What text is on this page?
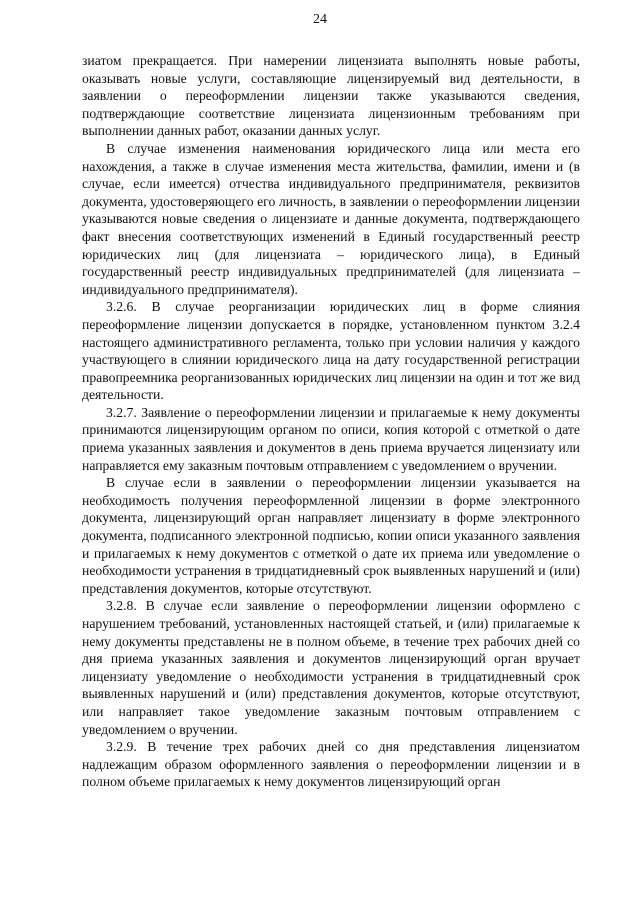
24

зиатом прекращается. При намерении лицензиата выполнять новые работы, оказывать новые услуги, составляющие лицензируемый вид деятельности, в заявлении о переоформлении лицензии также указываются сведения, подтверждающие соответствие лицензиата лицензионным требованиям при выполнении данных работ, оказании данных услуг.

В случае изменения наименования юридического лица или места его нахождения, а также в случае изменения места жительства, фамилии, имени и (в случае, если имеется) отчества индивидуального предпринимателя, реквизитов документа, удостоверяющего его личность, в заявлении о переоформлении лицензии указываются новые сведения о лицензиате и данные документа, подтверждающего факт внесения соответствующих изменений в Единый государственный реестр юридических лиц (для лицензиата – юридического лица), в Единый государственный реестр индивидуальных предпринимателей (для лицензиата – индивидуального предпринимателя).

3.2.6. В случае реорганизации юридических лиц в форме слияния переоформление лицензии допускается в порядке, установленном пунктом 3.2.4 настоящего административного регламента, только при условии наличия у каждого участвующего в слиянии юридического лица на дату государственной регистрации правопреемника реорганизованных юридических лиц лицензии на один и тот же вид деятельности.

3.2.7. Заявление о переоформлении лицензии и прилагаемые к нему документы принимаются лицензирующим органом по описи, копия которой с отметкой о дате приема указанных заявления и документов в день приема вручается лицензиату или направляется ему заказным почтовым отправлением с уведомлением о вручении.

В случае если в заявлении о переоформлении лицензии указывается на необходимость получения переоформленной лицензии в форме электронного документа, лицензирующий орган направляет лицензиату в форме электронного документа, подписанного электронной подписью, копии описи указанного заявления и прилагаемых к нему документов с отметкой о дате их приема или уведомление о необходимости устранения в тридцатидневный срок выявленных нарушений и (или) представления документов, которые отсутствуют.

3.2.8. В случае если заявление о переоформлении лицензии оформлено с нарушением требований, установленных настоящей статьей, и (или) прилагаемые к нему документы представлены не в полном объеме, в течение трех рабочих дней со дня приема указанных заявления и документов лицензирующий орган вручает лицензиату уведомление о необходимости устранения в тридцатидневный срок выявленных нарушений и (или) представления документов, которые отсутствуют, или направляет такое уведомление заказным почтовым отправлением с уведомлением о вручении.

3.2.9. В течение трех рабочих дней со дня представления лицензиатом надлежащим образом оформленного заявления о переоформлении лицензии и в полном объеме прилагаемых к нему документов лицензирующий орган
